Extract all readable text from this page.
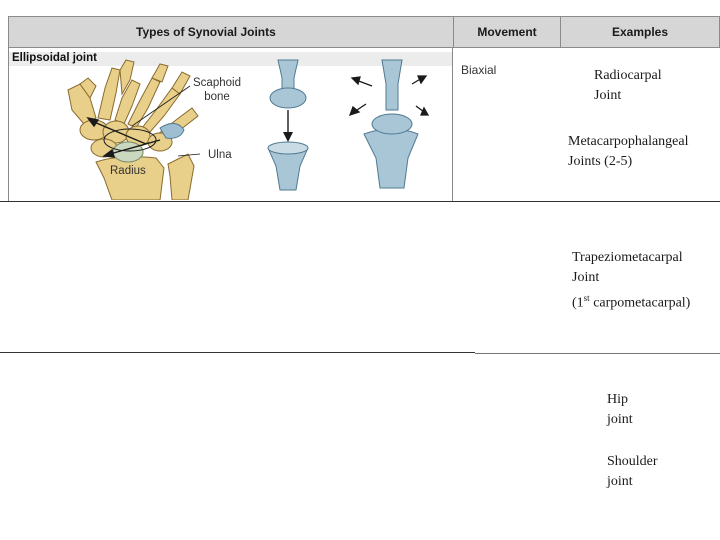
Types of Synovial Joints	Movement	Examples
Ellipsoidal joint
Biaxial
Scaphoid
bone
Ulna
Radius
Radiocarpal
Joint
Metacarpophalangeal
Joints (2-5)
Trapeziometacarpal
Joint
(1st carpometacarpal)
Hip
joint
Shoulder
joint
